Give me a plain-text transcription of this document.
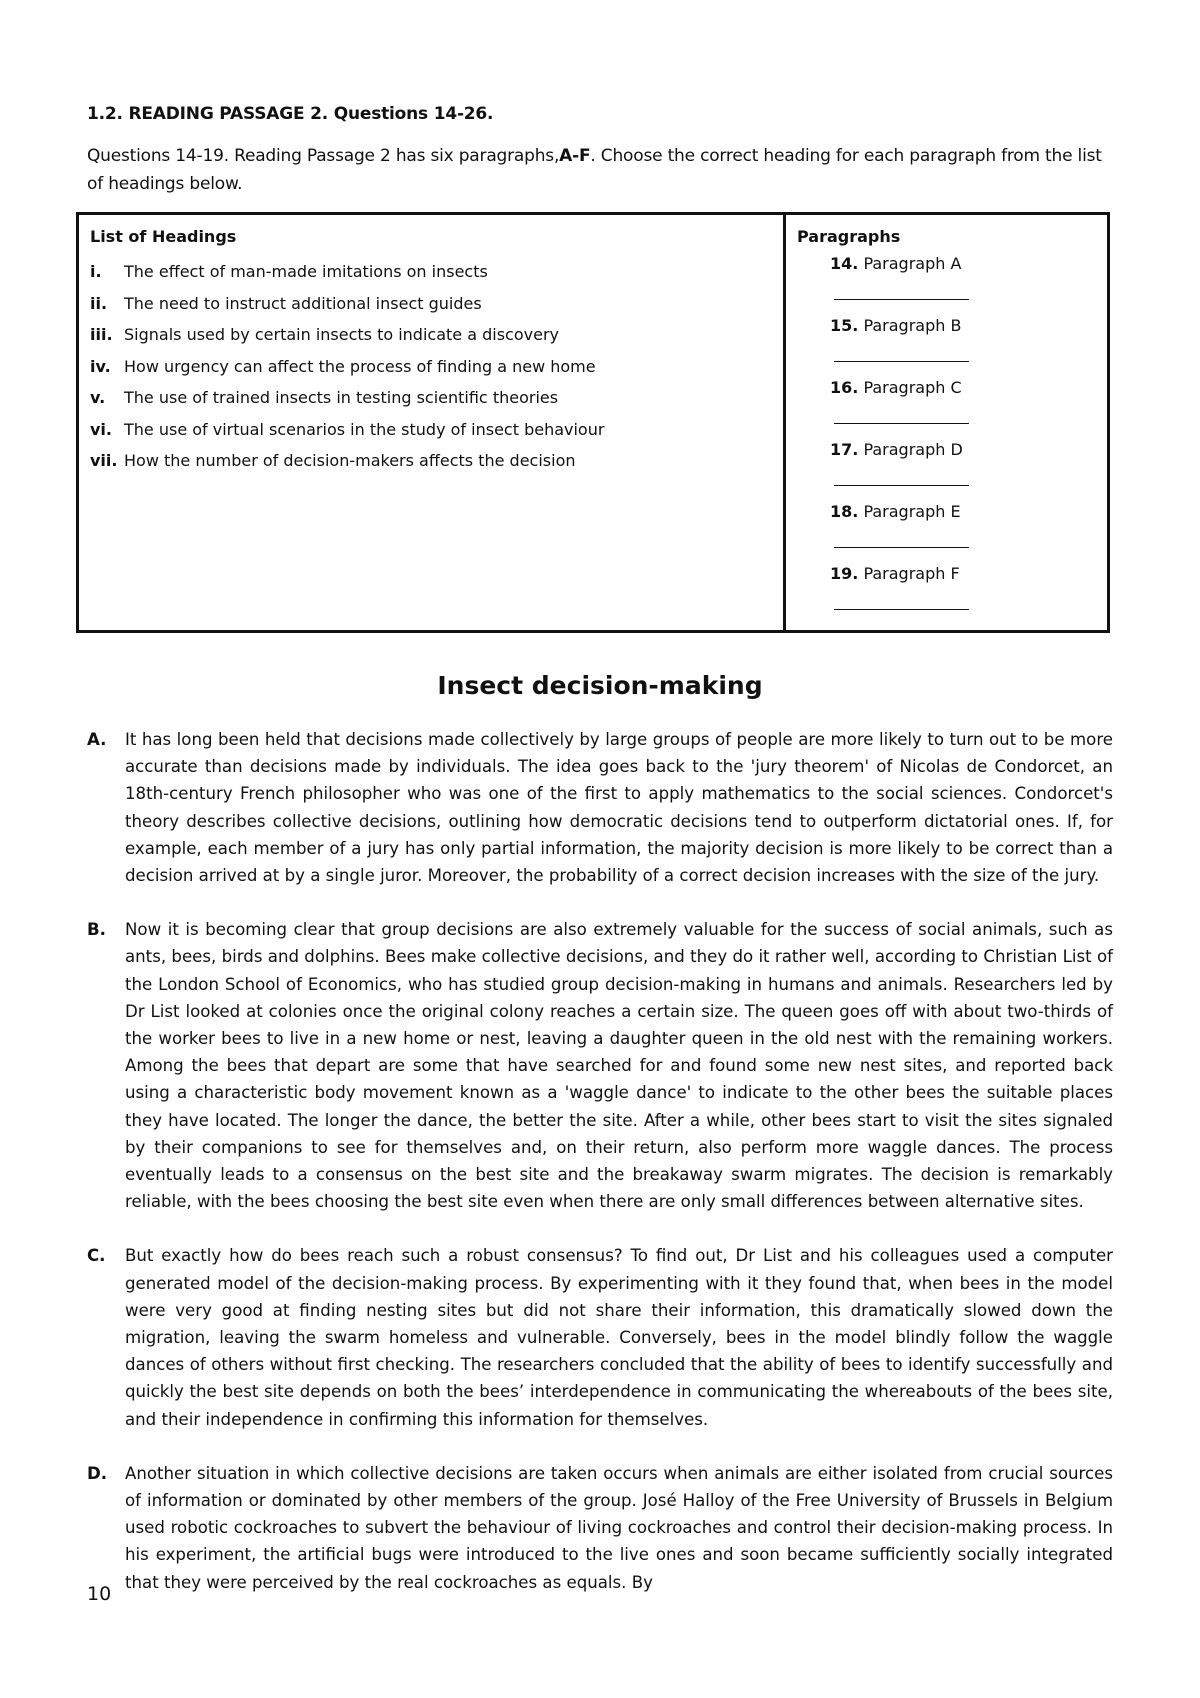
1.2. READING PASSAGE 2. Questions 14-26.
Questions 14-19. Reading Passage 2 has six paragraphs,A-F. Choose the correct heading for each paragraph from the list of headings below.
List of Headings
i.	The effect of man-made imitations on insects
ii.	The need to instruct additional insect guides
iii. Signals used by certain insects to indicate a discovery
iv. How urgency can affect the process of finding a new home
v.	The use of trained insects in testing scientific theories
vi. The use of virtual scenarios in the study of insect behaviour
vii. How the number of decision-makers affects the decision

Paragraphs
14. Paragraph A
15. Paragraph B
16. Paragraph C
17. Paragraph D
18. Paragraph E
19. Paragraph F
Insect decision-making
A.	It has long been held that decisions made collectively by large groups of people are more likely to turn out to be more accurate than decisions made by individuals. The idea goes back to the 'jury theorem' of Nicolas de Condorcet, an 18th-century French philosopher who was one of the first to apply mathematics to the social sciences. Condorcet's theory describes collective decisions, outlining how democratic decisions tend to outperform dictatorial ones. If, for example, each member of a jury has only partial information, the majority decision is more likely to be correct than a decision arrived at by a single juror. Moreover, the probability of a correct decision increases with the size of the jury.
B.	Now it is becoming clear that group decisions are also extremely valuable for the success of social animals, such as ants, bees, birds and dolphins. Bees make collective decisions, and they do it rather well, according to Christian List of the London School of Economics, who has studied group decision-making in humans and animals. Researchers led by Dr List looked at colonies once the original colony reaches a certain size. The queen goes off with about two-thirds of the worker bees to live in a new home or nest, leaving a daughter queen in the old nest with the remaining workers. Among the bees that depart are some that have searched for and found some new nest sites, and reported back using a characteristic body movement known as a 'waggle dance' to indicate to the other bees the suitable places they have located. The longer the dance, the better the site. After a while, other bees start to visit the sites signaled by their companions to see for themselves and, on their return, also perform more waggle dances. The process eventually leads to a consensus on the best site and the breakaway swarm migrates. The decision is remarkably reliable, with the bees choosing the best site even when there are only small differences between alternative sites.
C.	But exactly how do bees reach such a robust consensus? To find out, Dr List and his colleagues used a computer generated model of the decision-making process. By experimenting with it they found that, when bees in the model were very good at finding nesting sites but did not share their information, this dramatically slowed down the migration, leaving the swarm homeless and vulnerable. Conversely, bees in the model blindly follow the waggle dances of others without first checking. The researchers concluded that the ability of bees to identify successfully and quickly the best site depends on both the bees’ interdependence in communicating the whereabouts of the bees site, and their independence in confirming this information for themselves.
D.	Another situation in which collective decisions are taken occurs when animals are either isolated from crucial sources of information or dominated by other members of the group. José Halloy of the Free University of Brussels in Belgium used robotic cockroaches to subvert the behaviour of living cockroaches and control their decision-making process. In his experiment, the artificial bugs were introduced to the live ones and soon became sufficiently socially integrated that they were perceived by the real cockroaches as equals. By
10
